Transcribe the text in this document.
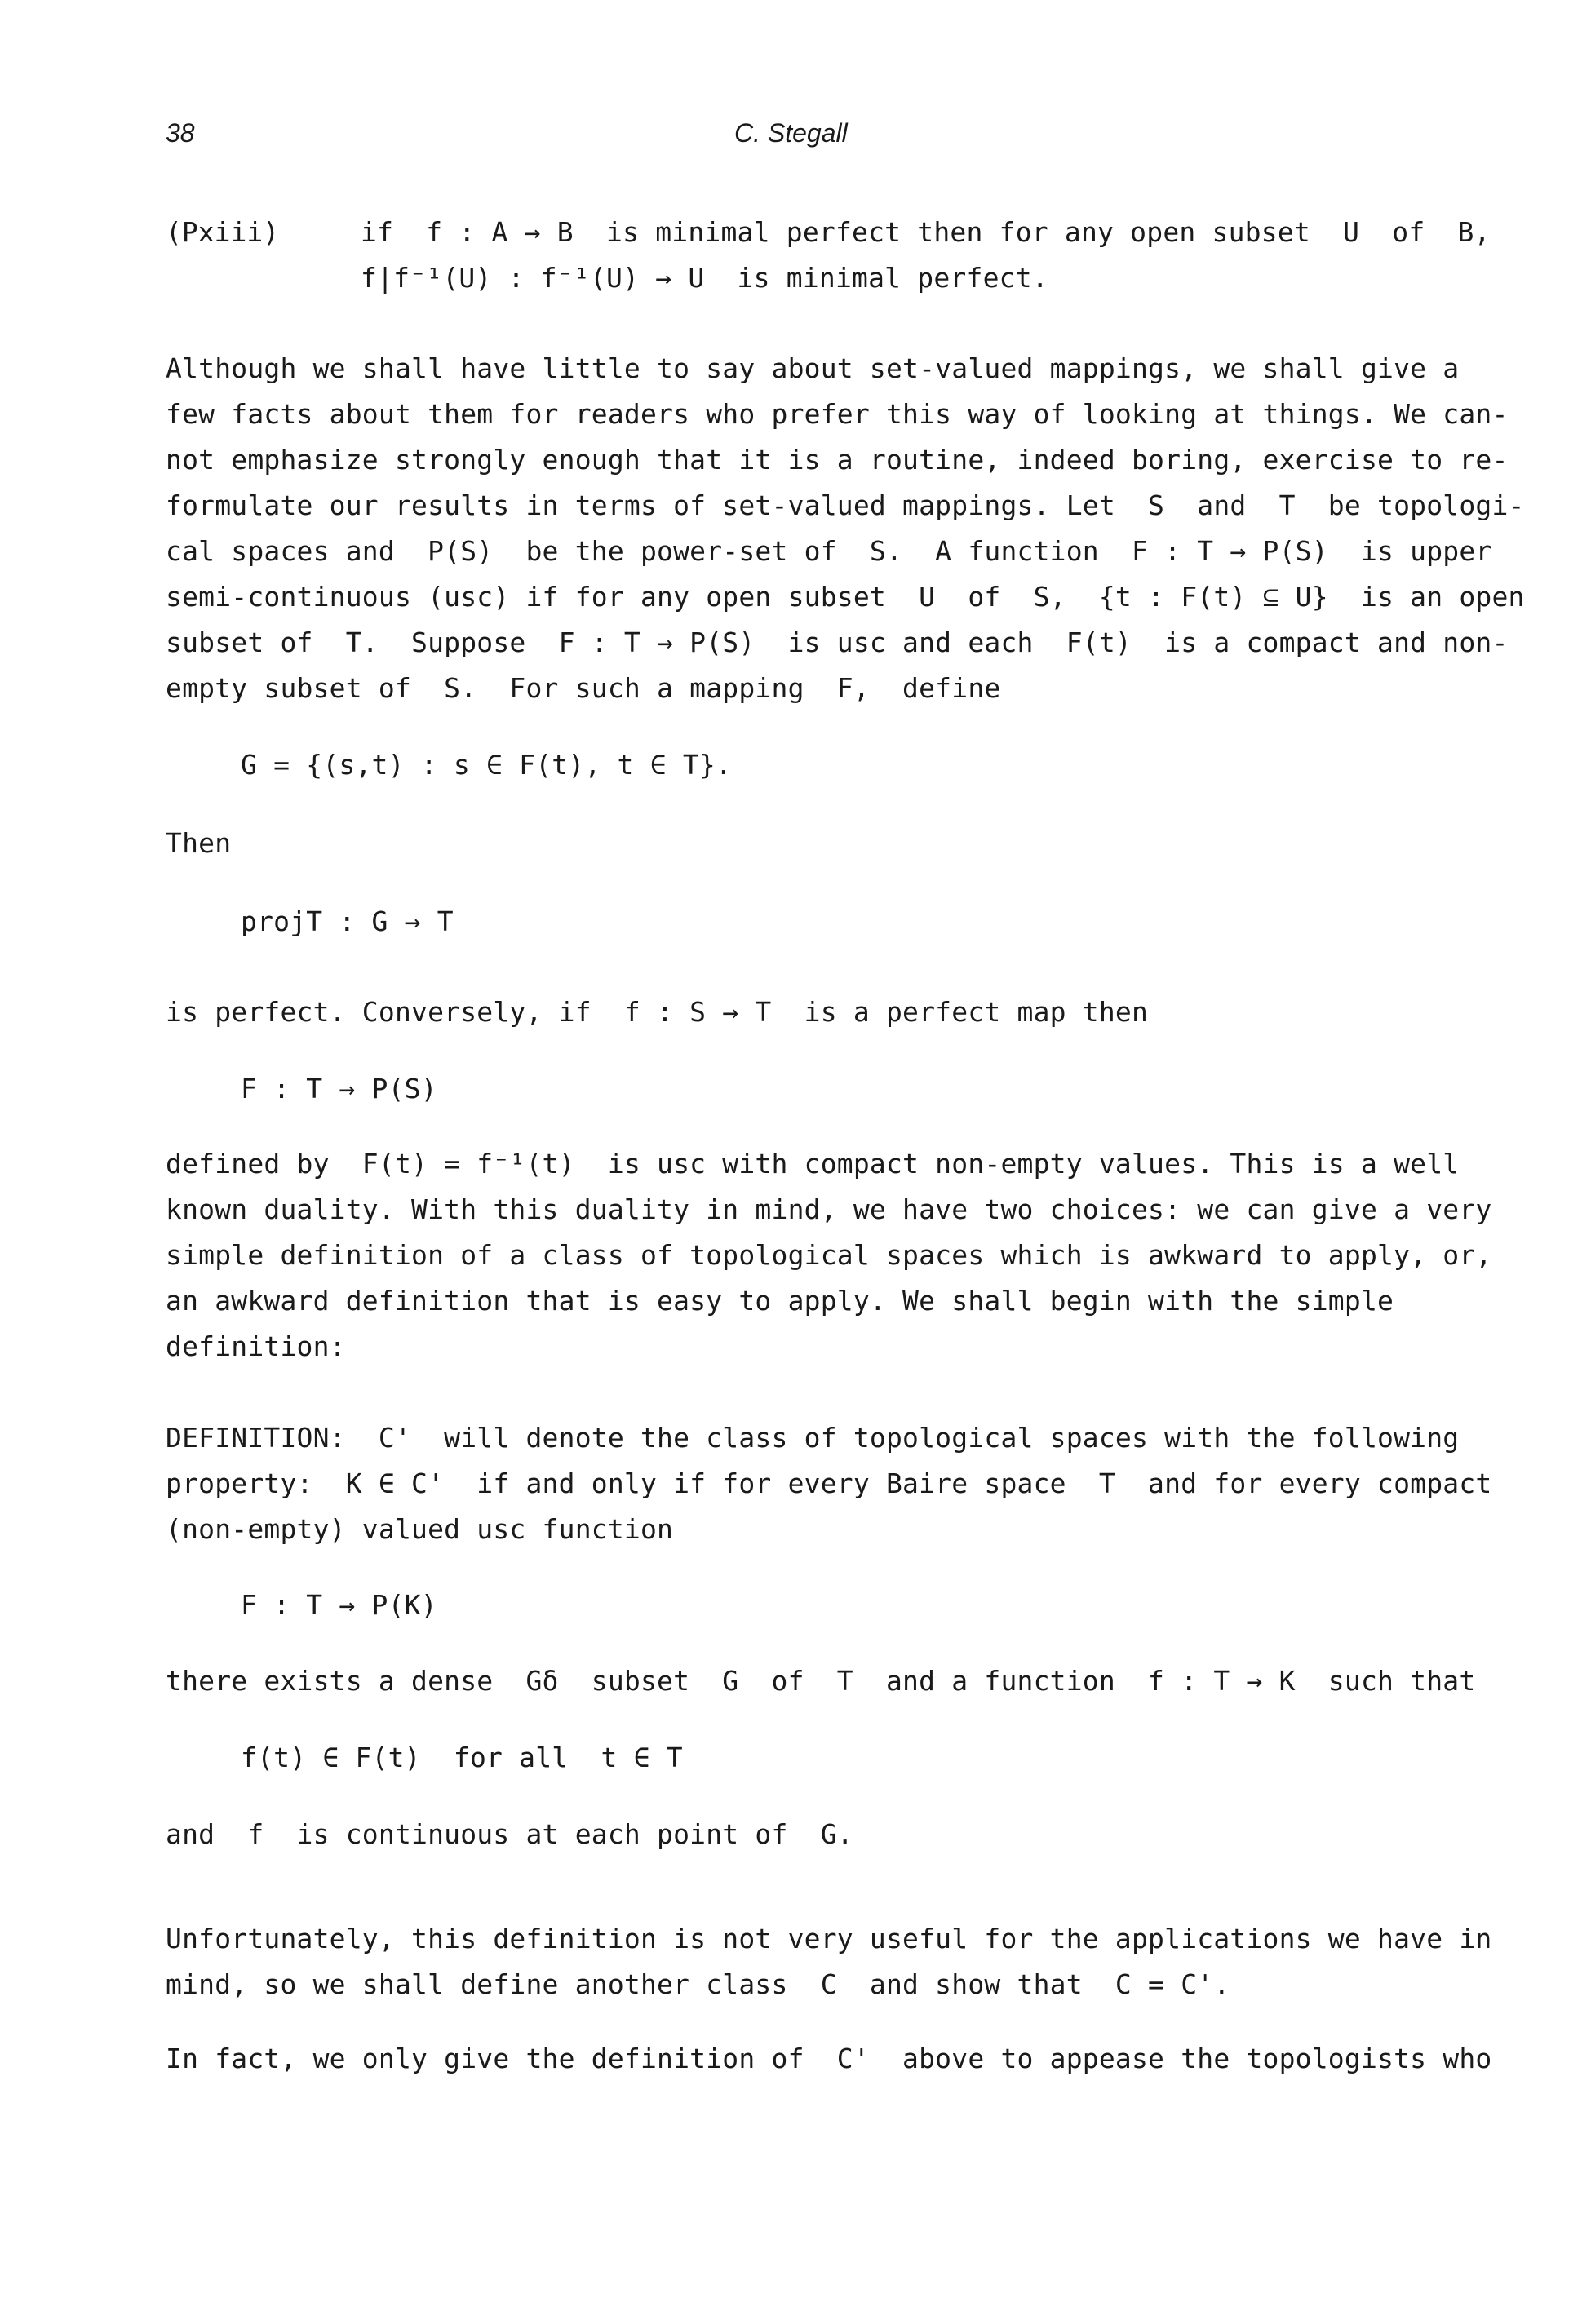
38	C. Stegall
(Pxiii)	if  f : A → B  is minimal perfect then for any open subset  U  of  B,

f|f⁻¹(U) : f⁻¹(U) → U  is minimal perfect.

Although we shall have little to say about set-valued mappings, we shall give a

few facts about them for readers who prefer this way of looking at things. We can-

not emphasize strongly enough that it is a routine, indeed boring, exercise to re-

formulate our results in terms of set-valued mappings. Let  S  and  T  be topologi-

cal spaces and  P(S)  be the power-set of  S.  A function  F : T → P(S)  is upper

semi-continuous (usc) if for any open subset  U  of  S,  {t : F(t) ⊆ U}  is an open

subset of  T.  Suppose  F : T → P(S)  is usc and each  F(t)  is a compact and non-

empty subset of  S.  For such a mapping  F,  define

G = {(s,t) : s ∈ F(t), t ∈ T}.

Then

projT : G → T

is perfect. Conversely, if  f : S → T  is a perfect map then

F : T → P(S)

defined by  F(t) = f⁻¹(t)  is usc with compact non-empty values. This is a well

known duality. With this duality in mind, we have two choices: we can give a very

simple definition of a class of topological spaces which is awkward to apply, or,

an awkward definition that is easy to apply. We shall begin with the simple

definition:

DEFINITION:  C'  will denote the class of topological spaces with the following

property:  K ∈ C'  if and only if for every Baire space  T  and for every compact

(non-empty) valued usc function

F : T → P(K)

there exists a dense  Gδ  subset  G  of  T  and a function  f : T → K  such that

f(t) ∈ F(t)  for all  t ∈ T

and  f  is continuous at each point of  G.

Unfortunately, this definition is not very useful for the applications we have in

mind, so we shall define another class  C  and show that  C = C'.

In fact, we only give the definition of  C'  above to appease the topologists who
